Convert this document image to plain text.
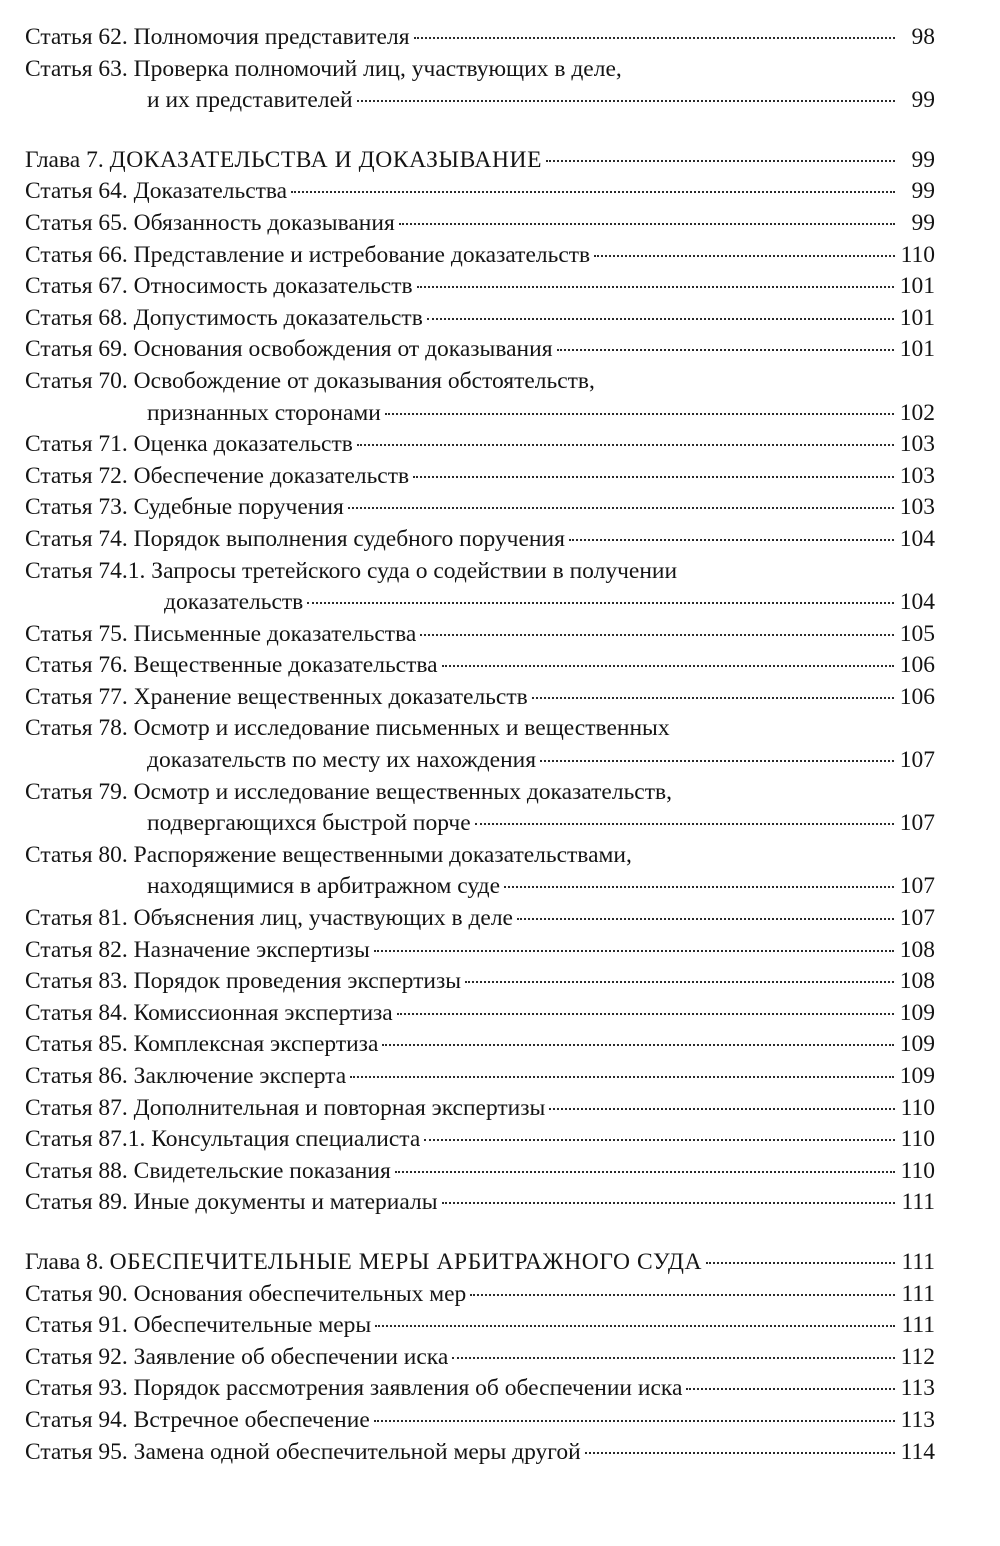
Статья 62. Полномочия представителя	98
Статья 63. Проверка полномочий лиц, участвующих в деле,
и их представителей	99
Глава 7. ДОКАЗАТЕЛЬСТВА И ДОКАЗЫВАНИЕ	99
Статья 64. Доказательства	99
Статья 65. Обязанность доказывания	99
Статья 66. Представление и истребование доказательств	110
Статья 67. Относимость доказательств	101
Статья 68. Допустимость доказательств	101
Статья 69. Основания освобождения от доказывания	101
Статья 70. Освобождение от доказывания обстоятельств,
признанных сторонами	102
Статья 71. Оценка доказательств	103
Статья 72. Обеспечение доказательств	103
Статья 73. Судебные поручения	103
Статья 74. Порядок выполнения судебного поручения	104
Статья 74.1. Запросы третейского суда о содействии в получении
доказательств	104
Статья 75. Письменные доказательства	105
Статья 76. Вещественные доказательства	106
Статья 77. Хранение вещественных доказательств	106
Статья 78. Осмотр и исследование письменных и вещественных
доказательств по месту их нахождения	107
Статья 79. Осмотр и исследование вещественных доказательств,
подвергающихся быстрой порче	107
Статья 80. Распоряжение вещественными доказательствами,
находящимися в арбитражном суде	107
Статья 81. Объяснения лиц, участвующих в деле	107
Статья 82. Назначение экспертизы	108
Статья 83. Порядок проведения экспертизы	108
Статья 84. Комиссионная экспертиза	109
Статья 85. Комплексная экспертиза	109
Статья 86. Заключение эксперта	109
Статья 87. Дополнительная и повторная экспертизы	110
Статья 87.1. Консультация специалиста	110
Статья 88. Свидетельские показания	110
Статья 89. Иные документы и материалы	111
Глава 8. ОБЕСПЕЧИТЕЛЬНЫЕ МЕРЫ АРБИТРАЖНОГО СУДА	111
Статья 90. Основания обеспечительных мер	111
Статья 91. Обеспечительные меры	111
Статья 92. Заявление об обеспечении иска	112
Статья 93. Порядок рассмотрения заявления об обеспечении иска	113
Статья 94. Встречное обеспечение	113
Статья 95. Замена одной обеспечительной меры другой	114
